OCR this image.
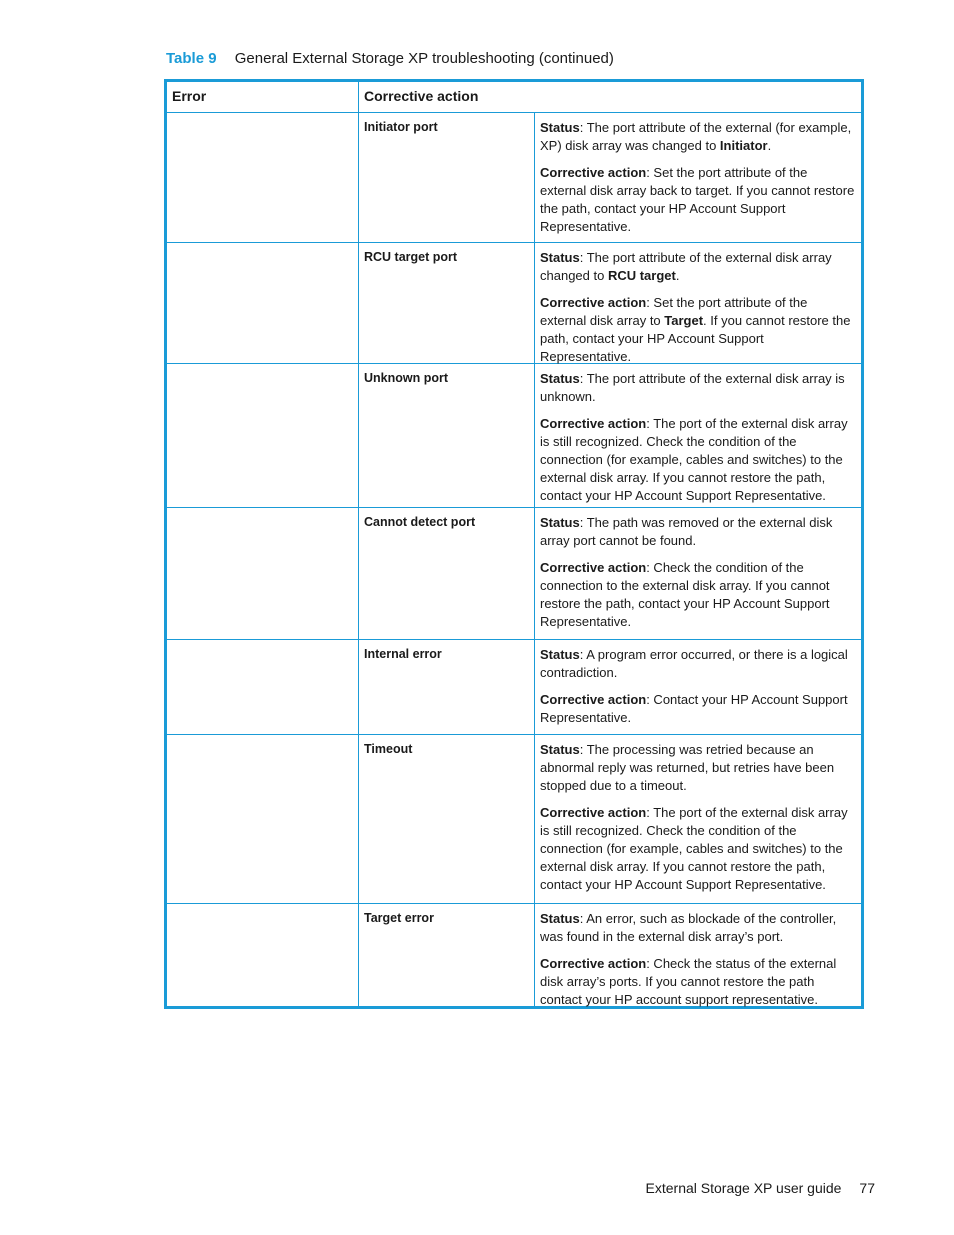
Table 9 General External Storage XP troubleshooting (continued)
Error	Corrective action
Initiator port	Status: The port attribute of the external (for example, XP) disk array was changed to Initiator.

Corrective action: Set the port attribute of the external disk array back to target. If you cannot restore the path, contact your HP Account Support Representative.

RCU target port	Status: The port attribute of the external disk array changed to RCU target.

Corrective action: Set the port attribute of the external disk array to Target. If you cannot restore the path, contact your HP Account Support Representative.

Unknown port	Status: The port attribute of the external disk array is unknown.

Corrective action: The port of the external disk array is still recognized. Check the condition of the connection (for example, cables and switches) to the external disk array. If you cannot restore the path, contact your HP Account Support Representative.

Cannot detect port	Status: The path was removed or the external disk array port cannot be found.

Corrective action: Check the condition of the connection to the external disk array. If you cannot restore the path, contact your HP Account Support Representative.

Internal error	Status: A program error occurred, or there is a logical contradiction.

Corrective action: Contact your HP Account Support Representative.

Timeout	Status: The processing was retried because an abnormal reply was returned, but retries have been stopped due to a timeout.

Corrective action: The port of the external disk array is still recognized. Check the condition of the connection (for example, cables and switches) to the external disk array. If you cannot restore the path, contact your HP Account Support Representative.

Target error	Status: An error, such as blockade of the controller, was found in the external disk array’s port.

Corrective action: Check the status of the external disk array’s ports. If you cannot restore the path contact your HP account support representative.

External Storage XP user guide 77
